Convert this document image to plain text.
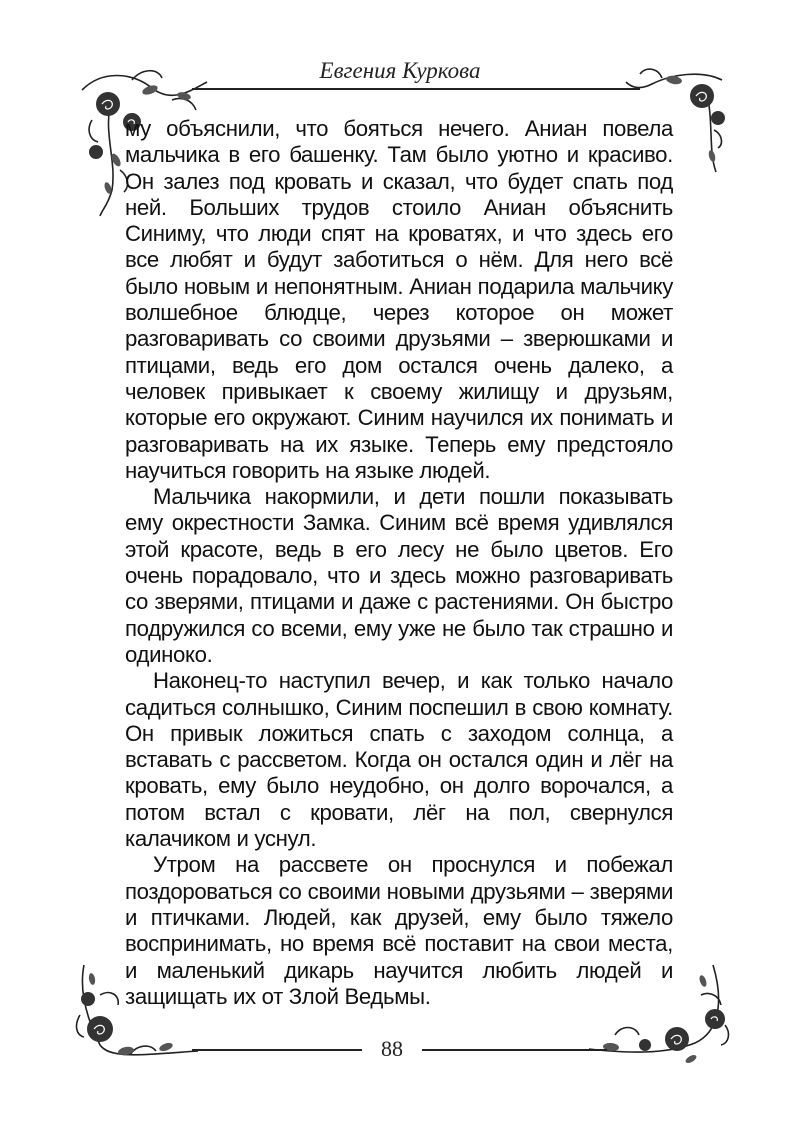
Евгения Куркова

му объяснили, что бояться нечего. Аниан повела мальчика в его башенку. Там было уютно и красиво. Он залез под кровать и сказал, что будет спать под ней. Больших трудов стоило Аниан объяснить Синиму, что люди спят на кроватях, и что здесь его все любят и будут заботиться о нём. Для него всё было новым и непонятным. Аниан подарила мальчику волшебное блюдце, через которое он может разговаривать со своими друзьями – зверюшками и птицами, ведь его дом остался очень далеко, а человек привыкает к своему жилищу и друзьям, которые его окружают. Синим научился их понимать и разговаривать на их языке. Теперь ему предстояло научиться говорить на языке людей.

Мальчика накормили, и дети пошли показывать ему окрестности Замка. Синим всё время удивлялся этой красоте, ведь в его лесу не было цветов. Его очень порадовало, что и здесь можно разговаривать со зверями, птицами и даже с растениями. Он быстро подружился со всеми, ему уже не было так страшно и одиноко.

Наконец-то наступил вечер, и как только начало садиться солнышко, Синим поспешил в свою комнату. Он привык ложиться спать с заходом солнца, а вставать с рассветом. Когда он остался один и лёг на кровать, ему было неудобно, он долго ворочался, а потом встал с кровати, лёг на пол, свернулся калачиком и уснул.

Утром на рассвете он проснулся и побежал поздороваться со своими новыми друзьями – зверями и птичками. Людей, как друзей, ему было тяжело воспринимать, но время всё поставит на свои места, и маленький дикарь научится любить людей и защищать их от Злой Ведьмы.

88
